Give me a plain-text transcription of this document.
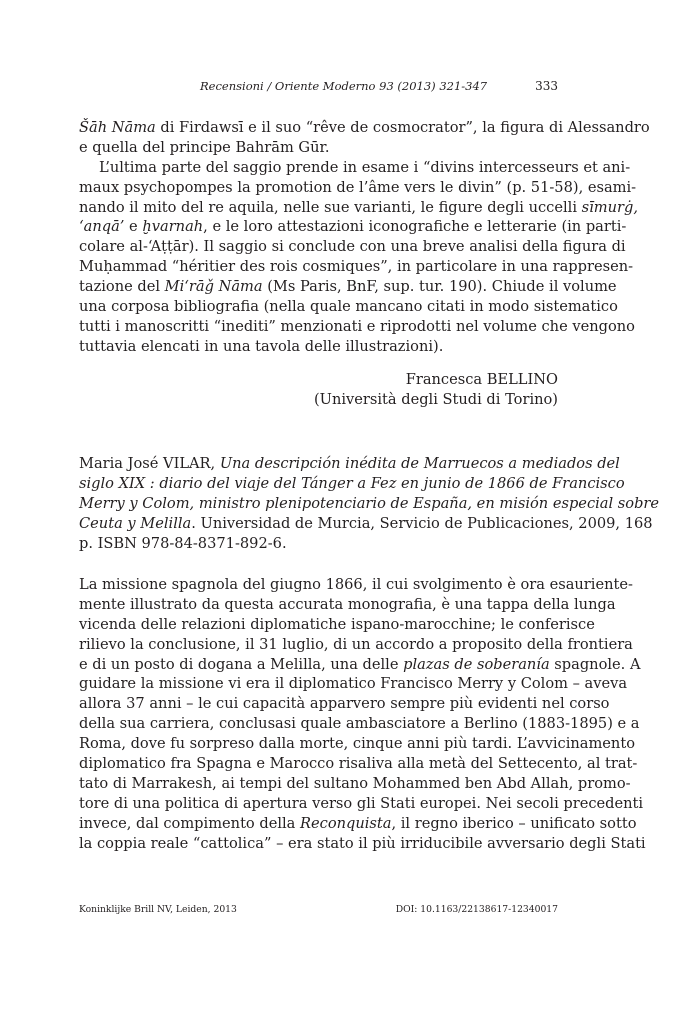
Recensioni / Oriente Moderno 93 (2013) 321-347	333
Šāh Nāma di Firdawsī e il suo “rêve de cosmocrator”, la figura di Alessandro
e quella del principe Bahrām Gūr.
L’ultima parte del saggio prende in esame i “divins intercesseurs et ani-
maux psychopompes la promotion de l’âme vers le divin” (p. 51-58), esami-
nando il mito del re aquila, nelle sue varianti, le figure degli uccelli sīmurġ,
‘anqā’ e ḫvarnah, e le loro attestazioni iconografiche e letterarie (in parti-
colare al-‘Aṭṭār). Il saggio si conclude con una breve analisi della figura di
Muḥammad “héritier des rois cosmiques”, in particolare in una rappresen-
tazione del Mi‘rāǧ Nāma (Ms Paris, BnF, sup. tur. 190). Chiude il volume
una corposa bibliografia (nella quale mancano citati in modo sistematico
tutti i manoscritti “inediti” menzionati e riprodotti nel volume che vengono
tuttavia elencati in una tavola delle illustrazioni).
Francesca BELLINO
(Università degli Studi di Torino)
Maria José VILAR, Una descripción inédita de Marruecos a mediados del
siglo XIX : diario del viaje del Tánger a Fez en junio de 1866 de Francisco
Merry y Colom, ministro plenipotenciario de España, en misión especial sobre
Ceuta y Melilla. Universidad de Murcia, Servicio de Publicaciones, 2009, 168
p. ISBN 978-84-8371-892-6.
La missione spagnola del giugno 1866, il cui svolgimento è ora esauriente-
mente illustrato da questa accurata monografia, è una tappa della lunga
vicenda delle relazioni diplomatiche ispano-marocchine; le conferisce
rilievo la conclusione, il 31 luglio, di un accordo a proposito della frontiera
e di un posto di dogana a Melilla, una delle plazas de soberanía spagnole. A
guidare la missione vi era il diplomatico Francisco Merry y Colom – aveva
allora 37 anni – le cui capacità apparvero sempre più evidenti nel corso
della sua carriera, conclusasi quale ambasciatore a Berlino (1883-1895) e a
Roma, dove fu sorpreso dalla morte, cinque anni più tardi. L’avvicinamento
diplomatico fra Spagna e Marocco risaliva alla metà del Settecento, al trat-
tato di Marrakesh, ai tempi del sultano Mohammed ben Abd Allah, promo-
tore di una politica di apertura verso gli Stati europei. Nei secoli precedenti
invece, dal compimento della Reconquista, il regno iberico – unificato sotto
la coppia reale “cattolica” – era stato il più irriducibile avversario degli Stati
Koninklijke Brill NV, Leiden, 2013	DOI: 10.1163/22138617-12340017
